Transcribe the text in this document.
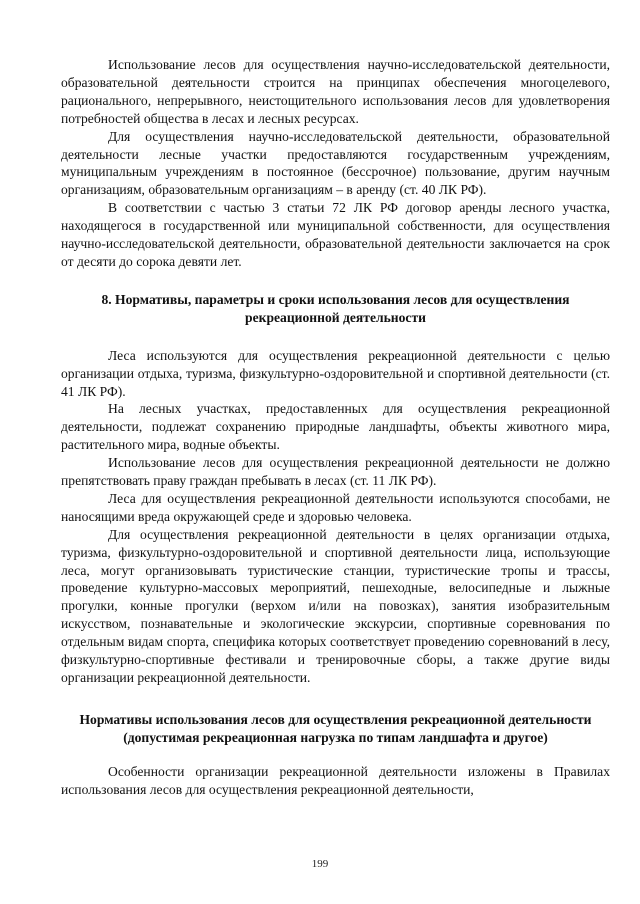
Использование лесов для осуществления научно-исследовательской деятельности, образовательной деятельности строится на принципах обеспечения многоцелевого, рационального, непрерывного, неистощительного использования лесов для удовлетворения потребностей общества в лесах и лесных ресурсах.

Для осуществления научно-исследовательской деятельности, образовательной деятельности лесные участки предоставляются государственным учреждениям, муниципальным учреждениям в постоянное (бессрочное) пользование, другим научным организациям, образовательным организациям – в аренду (ст. 40 ЛК РФ).

В соответствии с частью 3 статьи 72 ЛК РФ договор аренды лесного участка, находящегося в государственной или муниципальной собственности, для осуществления научно-исследовательской деятельности, образовательной деятельности заключается на срок от десяти до сорока девяти лет.

8. Нормативы, параметры и сроки использования лесов для осуществления рекреационной деятельности

Леса используются для осуществления рекреационной деятельности с целью организации отдыха, туризма, физкультурно-оздоровительной и спортивной деятельности (ст. 41 ЛК РФ).

На лесных участках, предоставленных для осуществления рекреационной деятельности, подлежат сохранению природные ландшафты, объекты животного мира, растительного мира, водные объекты.

Использование лесов для осуществления рекреационной деятельности не должно препятствовать праву граждан пребывать в лесах (ст. 11 ЛК РФ).

Леса для осуществления рекреационной деятельности используются способами, не наносящими вреда окружающей среде и здоровью человека.

Для осуществления рекреационной деятельности в целях организации отдыха, туризма, физкультурно-оздоровительной и спортивной деятельности лица, использующие леса, могут организовывать туристические станции, туристические тропы и трассы, проведение культурно-массовых мероприятий, пешеходные, велосипедные и лыжные прогулки, конные прогулки (верхом и/или на повозках), занятия изобразительным искусством, познавательные и экологические экскурсии, спортивные соревнования по отдельным видам спорта, специфика которых соответствует проведению соревнований в лесу, физкультурно-спортивные фестивали и тренировочные сборы, а также другие виды организации рекреационной деятельности.

Нормативы использования лесов для осуществления рекреационной деятельности (допустимая рекреационная нагрузка по типам ландшафта и другое)

Особенности организации рекреационной деятельности изложены в Правилах использования лесов для осуществления рекреационной деятельности,

199
